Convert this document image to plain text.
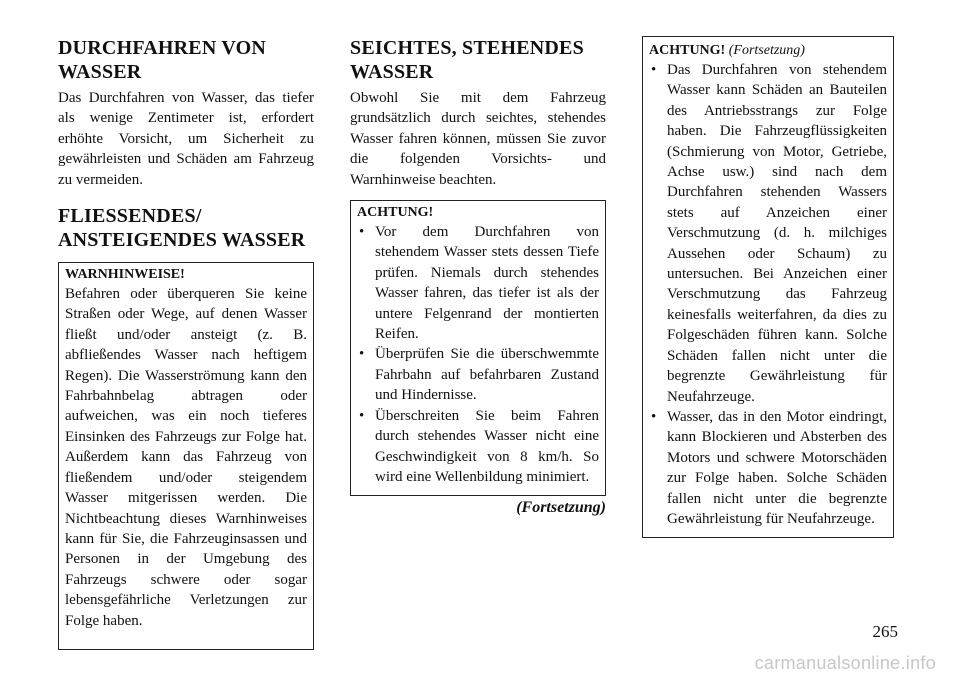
DURCHFAHREN VON WASSER

Das Durchfahren von Wasser, das tiefer als wenige Zentimeter ist, erfordert erhöhte Vorsicht, um Sicherheit zu gewährleisten und Schäden am Fahrzeug zu vermeiden.

FLIESSENDES/ ANSTEIGENDES WASSER
WARNHINWEISE!

Befahren oder überqueren Sie keine Straßen oder Wege, auf denen Wasser fließt und/oder ansteigt (z. B. abfließendes Wasser nach heftigem Regen). Die Wasserströmung kann den Fahrbahnbelag abtragen oder aufweichen, was ein noch tieferes Einsinken des Fahrzeugs zur Folge hat. Außerdem kann das Fahrzeug von fließendem und/oder steigendem Wasser mitgerissen werden. Die Nichtbeachtung dieses Warnhinweises kann für Sie, die Fahrzeuginsassen und Personen in der Umgebung des Fahrzeugs schwere oder sogar lebensgefährliche Verletzungen zur Folge haben.

SEICHTES, STEHENDES WASSER

Obwohl Sie mit dem Fahrzeug grundsätzlich durch seichtes, stehendes Wasser fahren können, müssen Sie zuvor die folgenden Vorsichts- und Warnhinweise beachten.

ACHTUNG!
• Vor dem Durchfahren von stehendem Wasser stets dessen Tiefe prüfen. Niemals durch stehendes Wasser fahren, das tiefer ist als der untere Felgenrand der montierten Reifen.
• Überprüfen Sie die überschwemmte Fahrbahn auf befahrbaren Zustand und Hindernisse.
• Überschreiten Sie beim Fahren durch stehendes Wasser nicht eine Geschwindigkeit von 8 km/h. So wird eine Wellenbildung minimiert.
(Fortsetzung)
ACHTUNG! (Fortsetzung)
• Das Durchfahren von stehendem Wasser kann Schäden an Bauteilen des Antriebsstrangs zur Folge haben. Die Fahrzeugflüssigkeiten (Schmierung von Motor, Getriebe, Achse usw.) sind nach dem Durchfahren stehenden Wassers stets auf Anzeichen einer Verschmutzung (d. h. milchiges Aussehen oder Schaum) zu untersuchen. Bei Anzeichen einer Verschmutzung das Fahrzeug keinesfalls weiterfahren, da dies zu Folgeschäden führen kann. Solche Schäden fallen nicht unter die begrenzte Gewährleistung für Neufahrzeuge.
• Wasser, das in den Motor eindringt, kann Blockieren und Absterben des Motors und schwere Motorschäden zur Folge haben. Solche Schäden fallen nicht unter die begrenzte Gewährleistung für Neufahrzeuge.
265
carmanualsonline.info
